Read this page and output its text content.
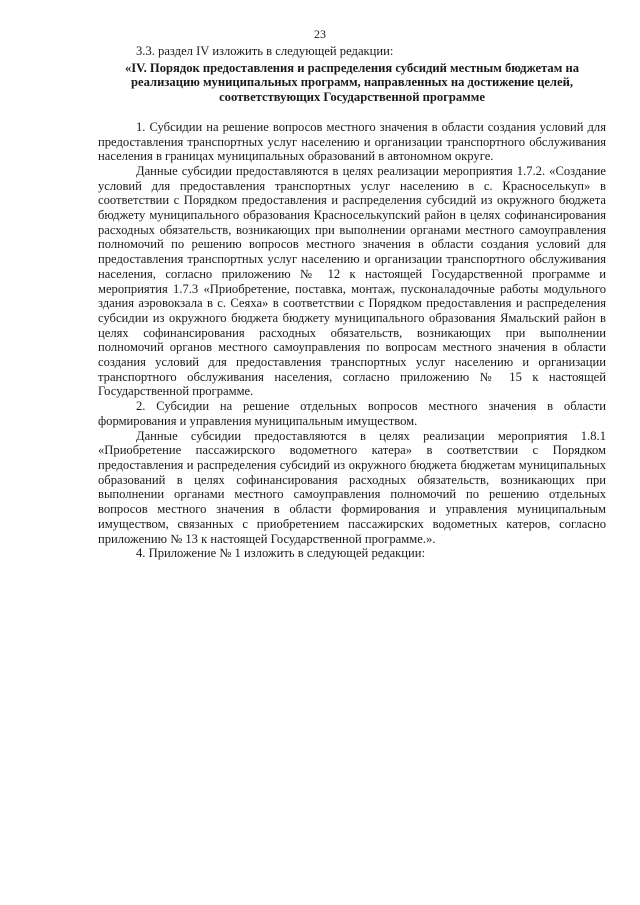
23

3.3. раздел IV изложить в следующей редакции:

«IV. Порядок предоставления и распределения субсидий местным бюджетам на реализацию муниципальных программ, направленных на достижение целей, соответствующих Государственной программе

1. Субсидии на решение вопросов местного значения в области создания условий для предоставления транспортных услуг населению и организации транспортного обслуживания населения в границах муниципальных образований в автономном округе.

Данные субсидии предоставляются в целях реализации мероприятия 1.7.2. «Создание условий для предоставления транспортных услуг населению в с. Красноселькуп» в соответствии с Порядком предоставления и распределения субсидий из окружного бюджета бюджету муниципального образования Красноселькупский район в целях софинансирования расходных обязательств, возникающих при выполнении органами местного самоуправления полномочий по решению вопросов местного значения в области создания условий для предоставления транспортных услуг населению и организации транспортного обслуживания населения, согласно приложению № 12 к настоящей Государственной программе и мероприятия 1.7.3 «Приобретение, поставка, монтаж, пусконаладочные работы модульного здания аэровокзала в с. Сеяха» в соответствии с Порядком предоставления и распределения субсидии из окружного бюджета бюджету муниципального образования Ямальский район в целях софинансирования расходных обязательств, возникающих при выполнении полномочий органов местного самоуправления по вопросам местного значения в области создания условий для предоставления транспортных услуг населению и организации транспортного обслуживания населения, согласно приложению № 15 к настоящей Государственной программе.

2. Субсидии на решение отдельных вопросов местного значения в области формирования и управления муниципальным имуществом.

Данные субсидии предоставляются в целях реализации мероприятия 1.8.1 «Приобретение пассажирского водометного катера» в соответствии с Порядком предоставления и распределения субсидий из окружного бюджета бюджетам муниципальных образований в целях софинансирования расходных обязательств, возникающих при выполнении органами местного самоуправления полномочий по решению отдельных вопросов местного значения в области формирования и управления муниципальным имуществом, связанных с приобретением пассажирских водометных катеров, согласно приложению № 13 к настоящей Государственной программе.».

4. Приложение № 1 изложить в следующей редакции:
